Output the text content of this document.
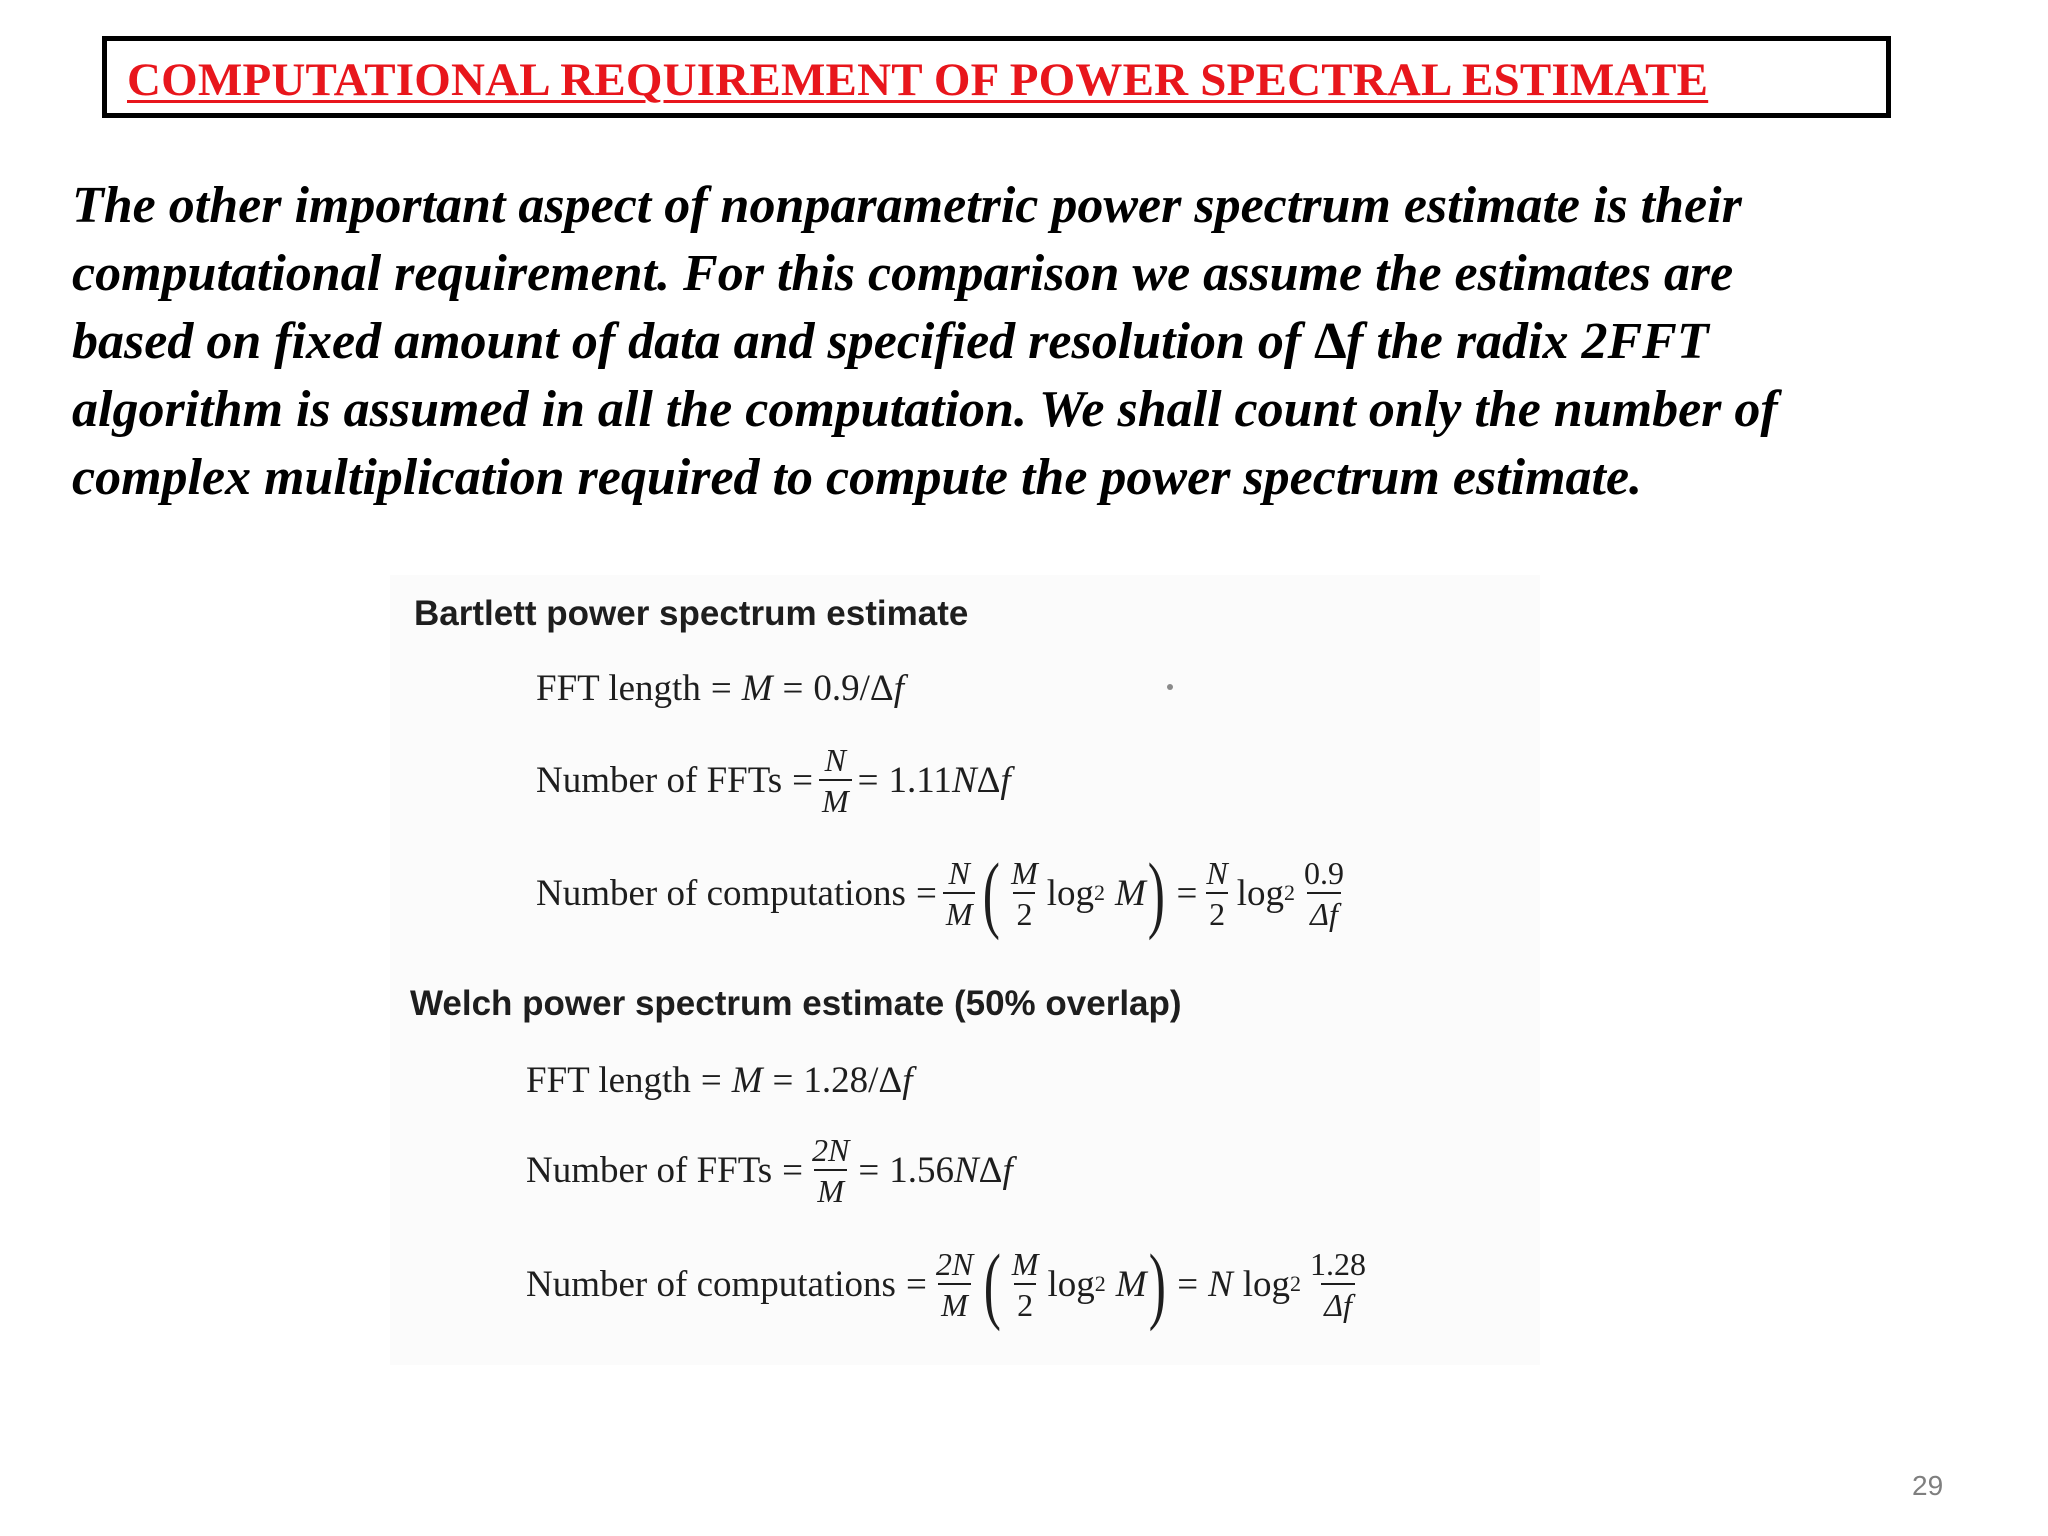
COMPUTATIONAL REQUIREMENT OF POWER SPECTRAL ESTIMATE
The other important aspect of nonparametric power spectrum estimate is their
computational requirement. For this comparison we assume the estimates are
based on fixed amount of data and specified resolution of ∆f the radix 2FFT
algorithm is assumed in all the computation. We shall count only the number of
complex multiplication required to compute the power spectrum estimate.
Bartlett power spectrum estimate
FFT length = M = 0.9/Δ f
Number of FFTs = $\frac{N}{M} = 1.11$ N Δ f
Number of computations = $\frac{N}{M}$ ( $\frac{M}{2}$ log 2 M ) = $\frac{N}{2}$ $\log 2 \frac{0.9}{\Delta f}$
Welch power spectrum estimate (50% overlap)
FFT length = M = 1.28/Δ f
Number of FFTs = $\frac{2N}{M} = 1.56$ N Δ f
Number of computations = $\frac{2N}{M}$ ( $\frac{M}{2}$ log 2 M ) = N $\log 2 \frac{1.28}{\Delta f}$
29
